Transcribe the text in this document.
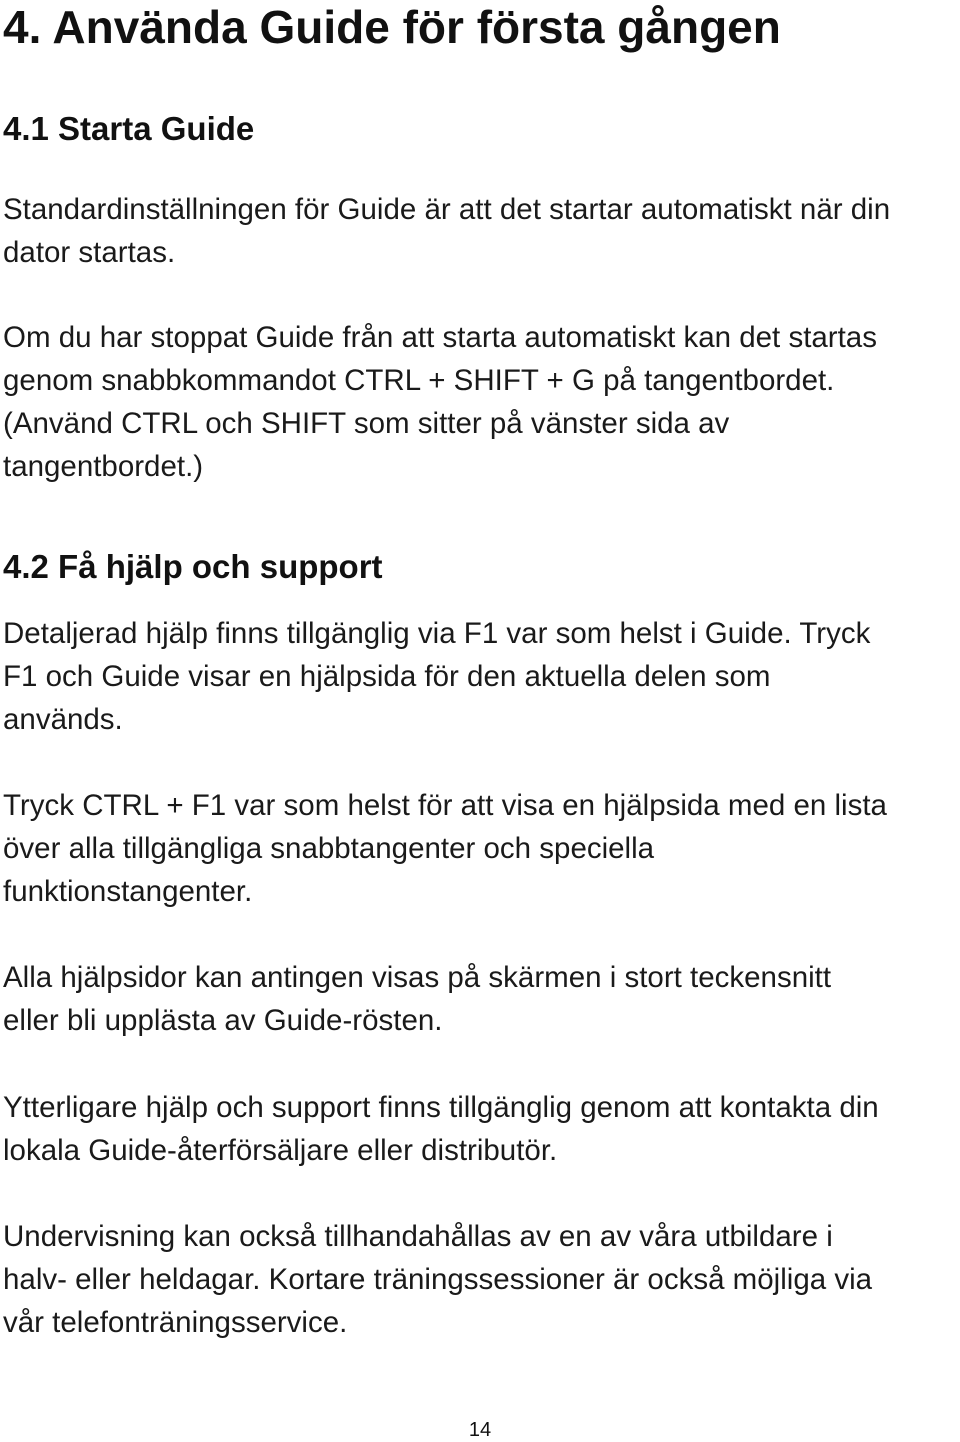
4. Använda Guide för första gången
4.1 Starta Guide

Standardinställningen för Guide är att det startar automatiskt när din
dator startas.

Om du har stoppat Guide från att starta automatiskt kan det startas
genom snabbkommandot CTRL + SHIFT + G på tangentbordet.
(Använd CTRL och SHIFT som sitter på vänster sida av
tangentbordet.)

4.2 Få hjälp och support

Detaljerad hjälp finns tillgänglig via F1 var som helst i Guide. Tryck
F1 och Guide visar en hjälpsida för den aktuella delen som
används.

Tryck CTRL + F1 var som helst för att visa en hjälpsida med en lista
över alla tillgängliga snabbtangenter och speciella
funktionstangenter.

Alla hjälpsidor kan antingen visas på skärmen i stort teckensnitt
eller bli upplästa av Guide-rösten.

Ytterligare hjälp och support finns tillgänglig genom att kontakta din
lokala Guide-återförsäljare eller distributör.

Undervisning kan också tillhandahållas av en av våra utbildare i
halv- eller heldagar. Kortare träningssessioner är också möjliga via
vår telefonträningsservice.

14
